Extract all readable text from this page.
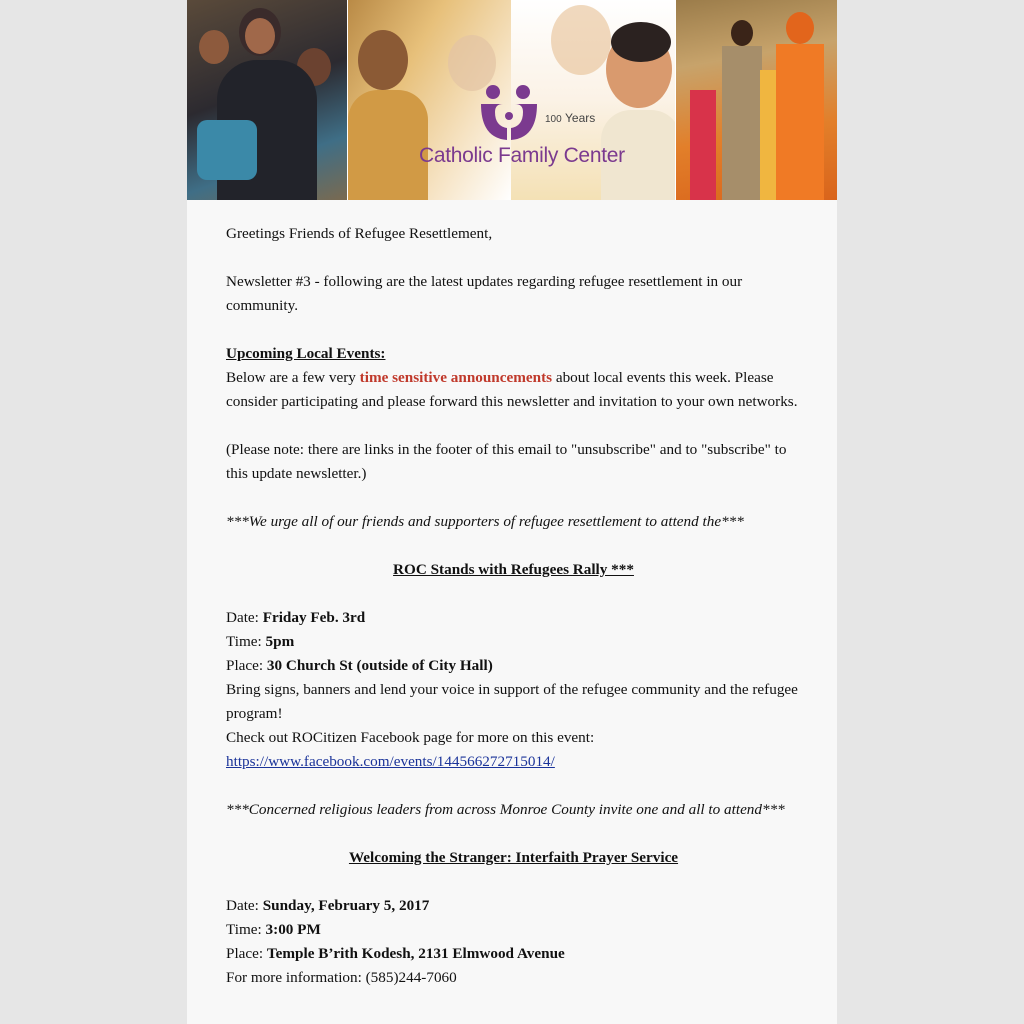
100 Years
Catholic Family Center

Greetings Friends of Refugee Resettlement,

Newsletter #3 - following are the latest updates regarding refugee resettlement in our community.

Upcoming Local Events:

Below are a few very time sensitive announcements about local events this week. Please consider participating and please forward this newsletter and invitation to your own networks.

(Please note: there are links in the footer of this email to "unsubscribe" and to "subscribe" to this update newsletter.)

***We urge all of our friends and supporters of refugee resettlement to attend the***

ROC Stands with Refugees Rally ***

Date: Friday Feb. 3rd

Time: 5pm

Place: 30 Church St (outside of City Hall)

Bring signs, banners and lend your voice in support of the refugee community and the refugee program!

Check out ROCitizen Facebook page for more on this event:

https://www.facebook.com/events/144566272715014/

***Concerned religious leaders from across Monroe County invite one and all to attend***

Welcoming the Stranger: Interfaith Prayer Service

Date: Sunday, February 5, 2017

Time: 3:00 PM

Place: Temple B’rith Kodesh, 2131 Elmwood Avenue

For more information: (585)244-7060
